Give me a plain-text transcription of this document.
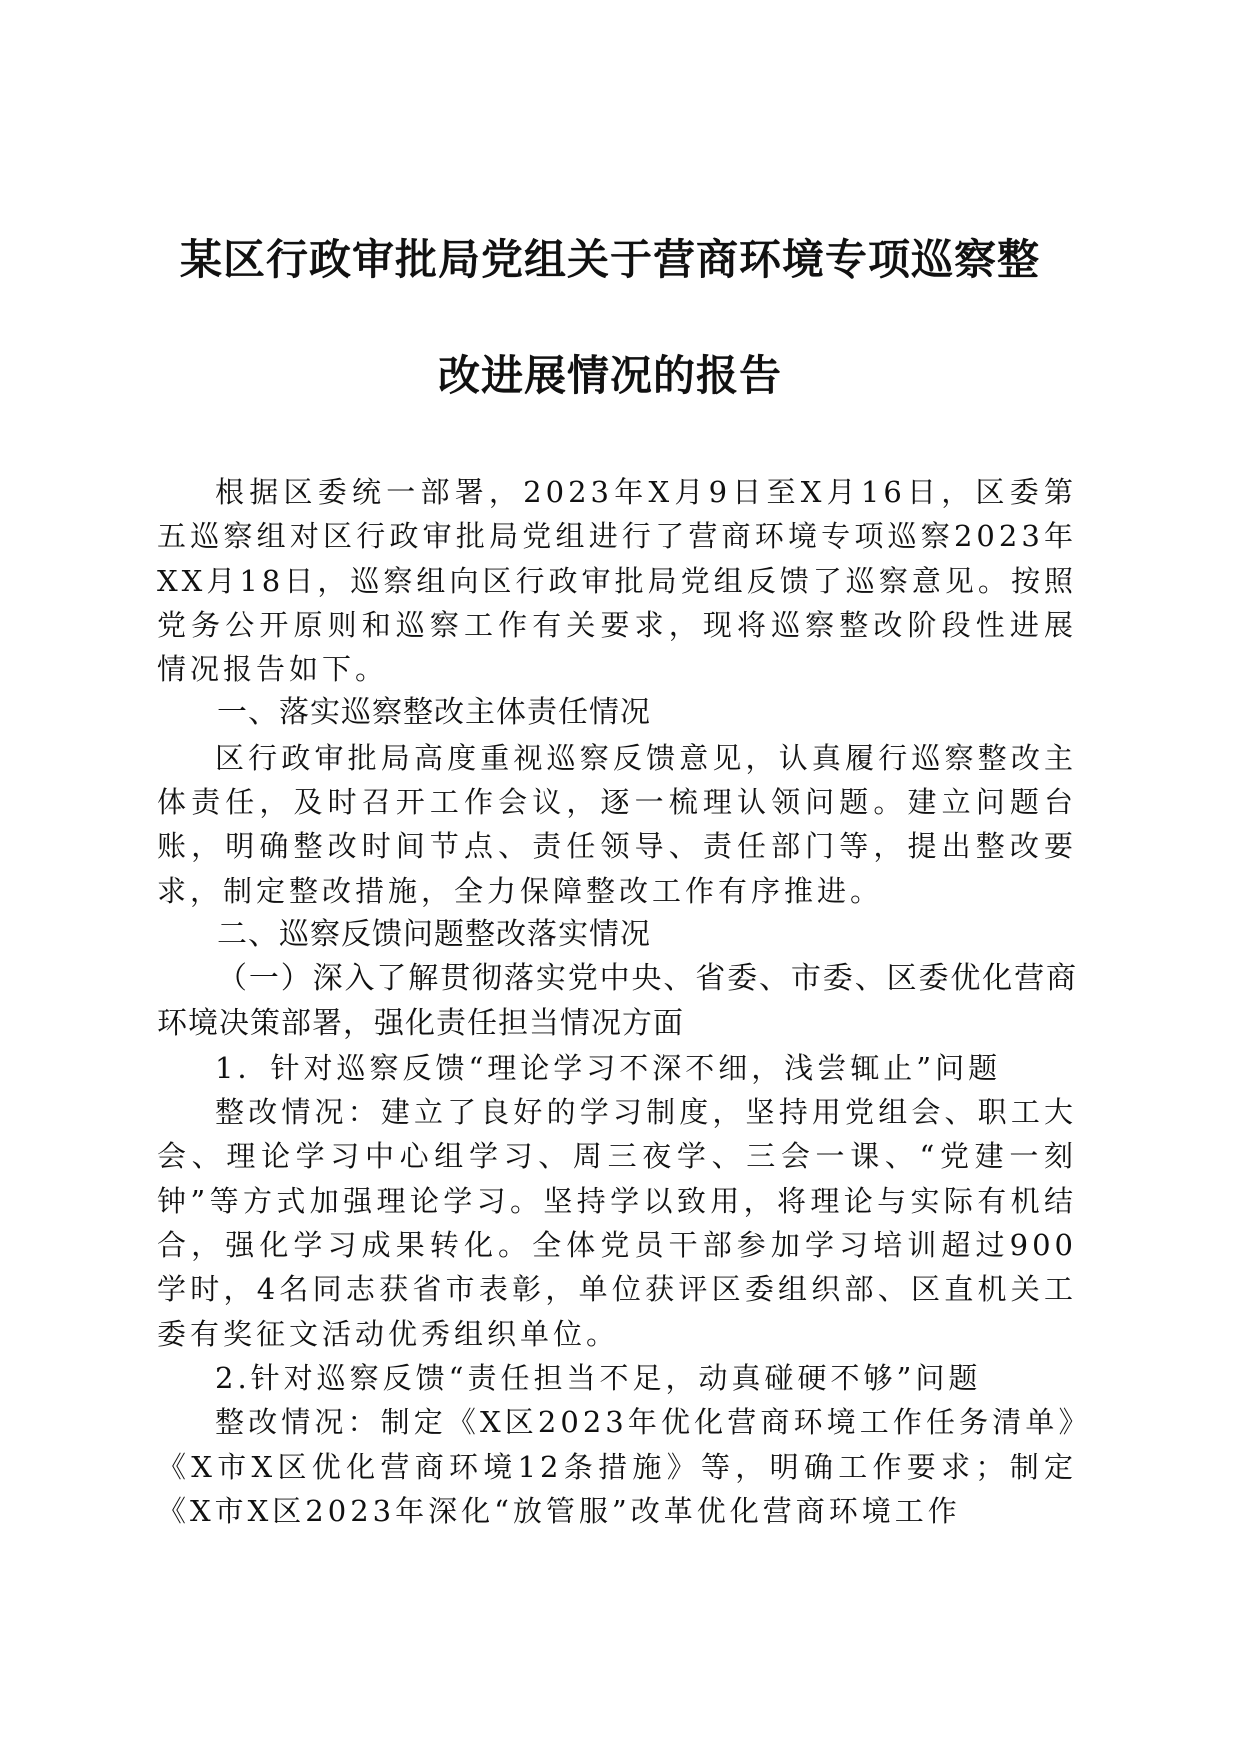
某区行政审批局党组关于营商环境专项巡察整
改进展情况的报告

根据区委统一部署，2023年X月9日至X月16日，区委第五巡察组对区行政审批局党组进行了营商环境专项巡察2023年XX月18日，巡察组向区行政审批局党组反馈了巡察意见。按照党务公开原则和巡察工作有关要求，现将巡察整改阶段性进展情况报告如下。

一、落实巡察整改主体责任情况

区行政审批局高度重视巡察反馈意见，认真履行巡察整改主体责任，及时召开工作会议，逐一梳理认领问题。建立问题台账，明确整改时间节点、责任领导、责任部门等，提出整改要求，制定整改措施，全力保障整改工作有序推进。

二、巡察反馈问题整改落实情况

（一）深入了解贯彻落实党中央、省委、市委、区委优化营商环境决策部署，强化责任担当情况方面

1．针对巡察反馈“理论学习不深不细，浅尝辄止”问题

整改情况：建立了良好的学习制度，坚持用党组会、职工大会、理论学习中心组学习、周三夜学、三会一课、“党建一刻钟”等方式加强理论学习。坚持学以致用，将理论与实际有机结合，强化学习成果转化。全体党员干部参加学习培训超过900学时，4名同志获省市表彰，单位获评区委组织部、区直机关工委有奖征文活动优秀组织单位。

2.针对巡察反馈“责任担当不足，动真碰硬不够”问题

整改情况：制定《X区2023年优化营商环境工作任务清单》《X市X区优化营商环境12条措施》等，明确工作要求；制定《X市X区2023年深化“放管服”改革优化营商环境工作
